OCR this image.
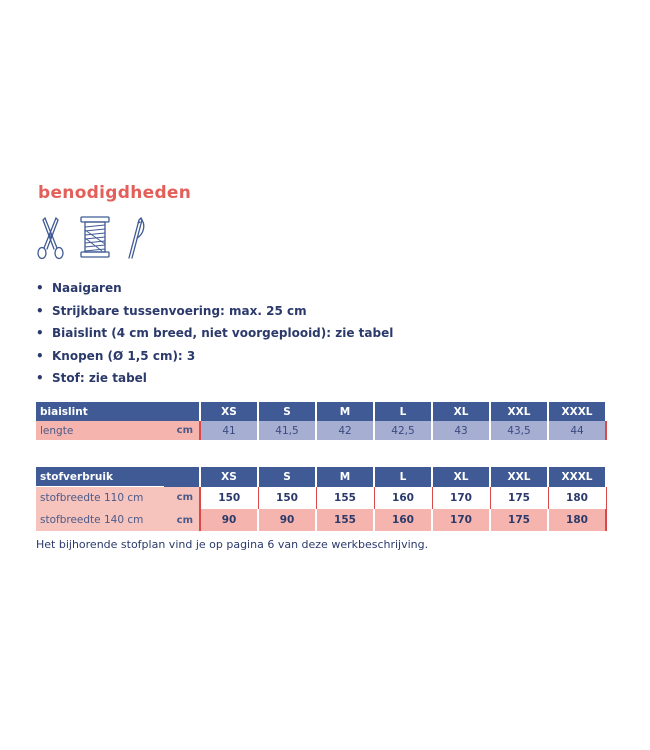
benodigdheden
• Naaigaren
• Strijkbare tussenvoering: max. 25 cm
• Biaislint (4 cm breed, niet voorgeplooid): zie tabel
• Knopen (Ø 1,5 cm): 3
• Stof: zie tabel
biaislint		XS	S	M	L	XL	XXL	XXXL
lengte	cm	41	41,5	42	42,5	43	43,5	44
stofverbruik		XS	S	M	L	XL	XXL	XXXL
stofbreedte 110 cm	cm	150	150	155	160	170	175	180
stofbreedte 140 cm	cm	90	90	155	160	170	175	180
Het bijhorende stofplan vind je op pagina 6 van deze werkbeschrijving.
